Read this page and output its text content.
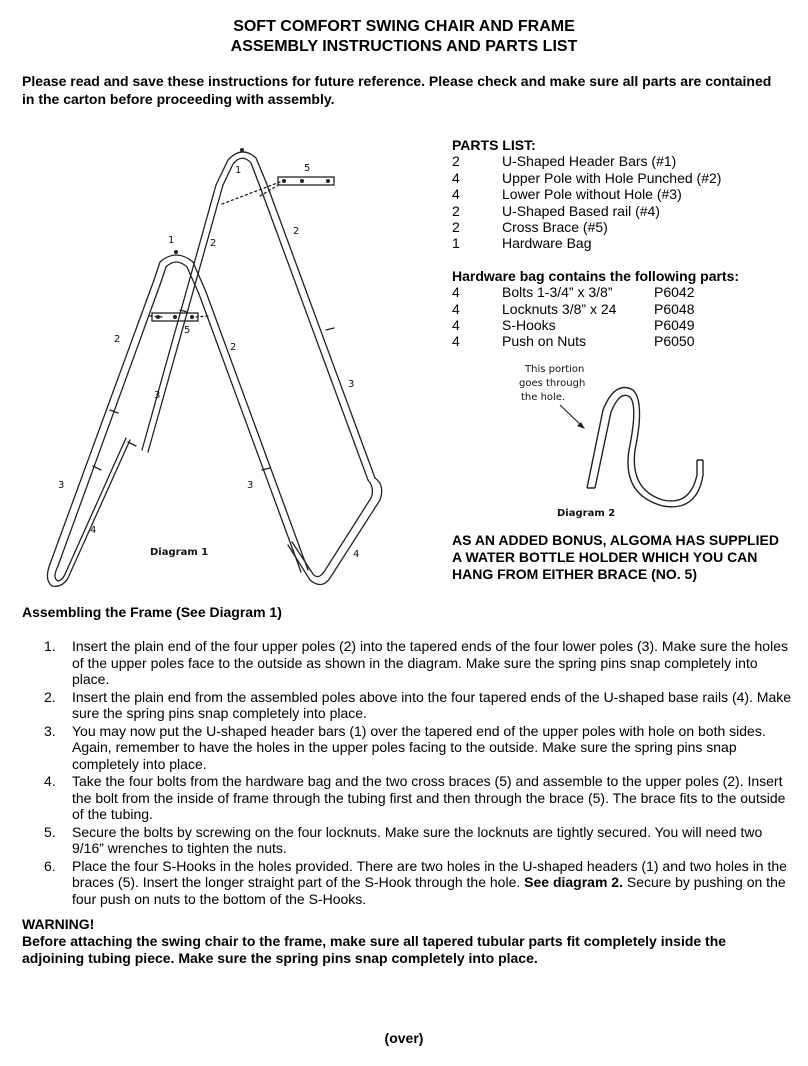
SOFT COMFORT SWING CHAIR AND FRAME
ASSEMBLY INSTRUCTIONS AND PARTS LIST
Please read and save these instructions for future reference. Please check and make sure all parts are contained
in the carton before proceeding with assembly.
PARTS LIST:
2	U-Shaped Header Bars (#1)
4	Upper Pole with Hole Punched (#2)
4	Lower Pole without Hole (#3)
2	U-Shaped Based rail (#4)
2	Cross Brace (#5)
1	Hardware Bag
Hardware bag contains the following parts:
4	Bolts 1-3/4” x 3/8”	P6042
4	Locknuts 3/8” x 24	P6048
4	S-Hooks	P6049
4	Push on Nuts	P6050
1	5
1	2
2
5
2
2
3
3
3	3
4
4
Diagram 1
This portion
goes through
the hole.
Diagram 2
AS AN ADDED BONUS, ALGOMA HAS SUPPLIED
A WATER BOTTLE HOLDER WHICH YOU CAN
HANG FROM EITHER BRACE (NO. 5)
Assembling the Frame (See Diagram 1)
1.	Insert the plain end of the four upper poles (2) into the tapered ends of the four lower poles (3). Make sure the holes of the upper poles face to the outside as shown in the diagram. Make sure the spring pins snap completely into place.
2.	Insert the plain end from the assembled poles above into the four tapered ends of the U-shaped base rails (4). Make sure the spring pins snap completely into place.
3.	You may now put the U-shaped header bars (1) over the tapered end of the upper poles with hole on both sides. Again, remember to have the holes in the upper poles facing to the outside. Make sure the spring pins snap completely into place.
4.	Take the four bolts from the hardware bag and the two cross braces (5) and assemble to the upper poles (2). Insert the bolt from the inside of frame through the tubing first and then through the brace (5). The brace fits to the outside of the tubing.
5.	Secure the bolts by screwing on the four locknuts. Make sure the locknuts are tightly secured. You will need two 9/16” wrenches to tighten the nuts.
6.	Place the four S-Hooks in the holes provided. There are two holes in the U-shaped headers (1) and two holes in the braces (5). Insert the longer straight part of the S-Hook through the hole. See diagram 2. Secure by pushing on the four push on nuts to the bottom of the S-Hooks.
WARNING!
Before attaching the swing chair to the frame, make sure all tapered tubular parts fit completely inside the adjoining tubing piece. Make sure the spring pins snap completely into place.
(over)
